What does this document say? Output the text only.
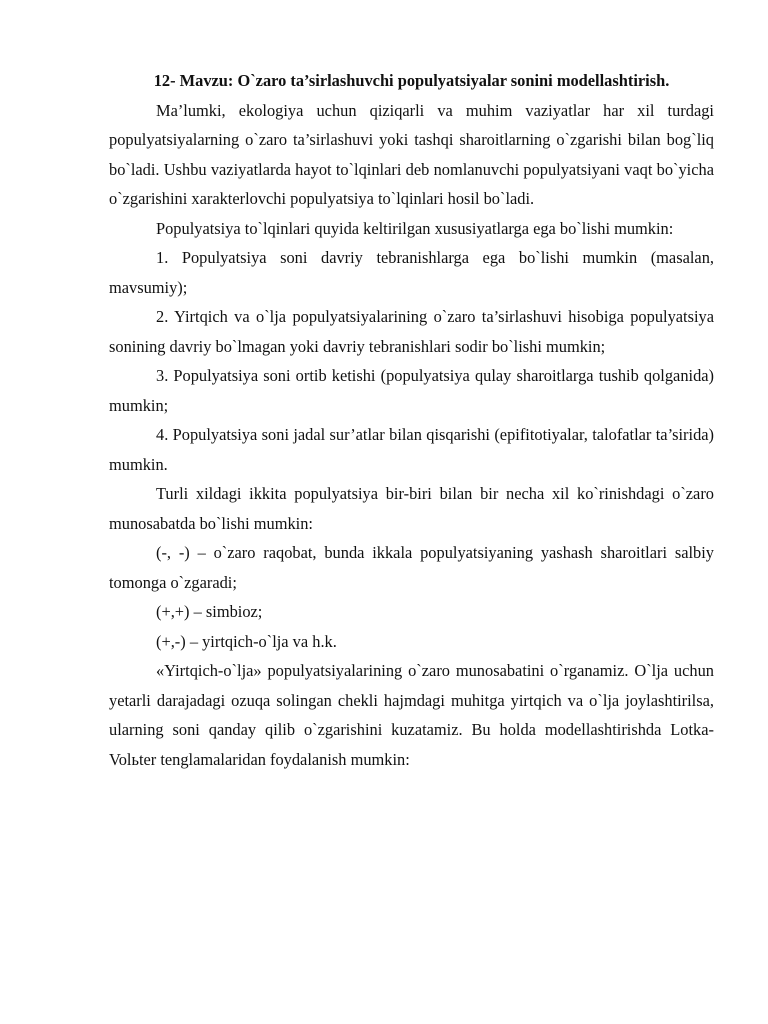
12- Mavzu: O`zaro ta’sirlashuvchi populyatsiyalar sonini modellashtirish.

Ma’lumki, ekologiya uchun qiziqarli va muhim vaziyatlar har xil turdagi populyatsiyalarning o`zaro ta’sirlashuvi yoki tashqi sharoitlarning o`zgarishi bilan bog`liq bo`ladi. Ushbu vaziyatlarda hayot to`lqinlari deb nomlanuvchi populyatsiyani vaqt bo`yicha o`zgarishini xarakterlovchi populyatsiya to`lqinlari hosil bo`ladi.

Populyatsiya to`lqinlari quyida keltirilgan xususiyatlarga ega bo`lishi mumkin:

1. Populyatsiya soni davriy tebranishlarga ega bo`lishi mumkin (masalan, mavsumiy);

2. Yirtqich va o`lja populyatsiyalarining o`zaro ta’sirlashuvi hisobiga populyatsiya sonining davriy bo`lmagan yoki davriy tebranishlari sodir bo`lishi mumkin;

3. Populyatsiya soni ortib ketishi (populyatsiya qulay sharoitlarga tushib qolganida) mumkin;

4. Populyatsiya soni jadal sur’atlar bilan qisqarishi (epifitotiyalar, talofatlar ta’sirida) mumkin.

Turli xildagi ikkita populyatsiya bir-biri bilan bir necha xil ko`rinishdagi o`zaro munosabatda bo`lishi mumkin:

(-, -) – o`zaro raqobat, bunda ikkala populyatsiyaning yashash sharoitlari salbiy tomonga o`zgaradi;

(+,+) – simbioz;

(+,-) – yirtqich-o`lja va h.k.

«Yirtqich-o`lja» populyatsiyalarining o`zaro munosabatini o`rganamiz. O`lja uchun yetarli darajadagi ozuqa solingan chekli hajmdagi muhitga yirtqich va o`lja joylashtirilsa, ularning soni qanday qilib o`zgarishini kuzatamiz. Bu holda modellashtirishda Lotka-Volьter tenglamalaridan foydalanish mumkin:
